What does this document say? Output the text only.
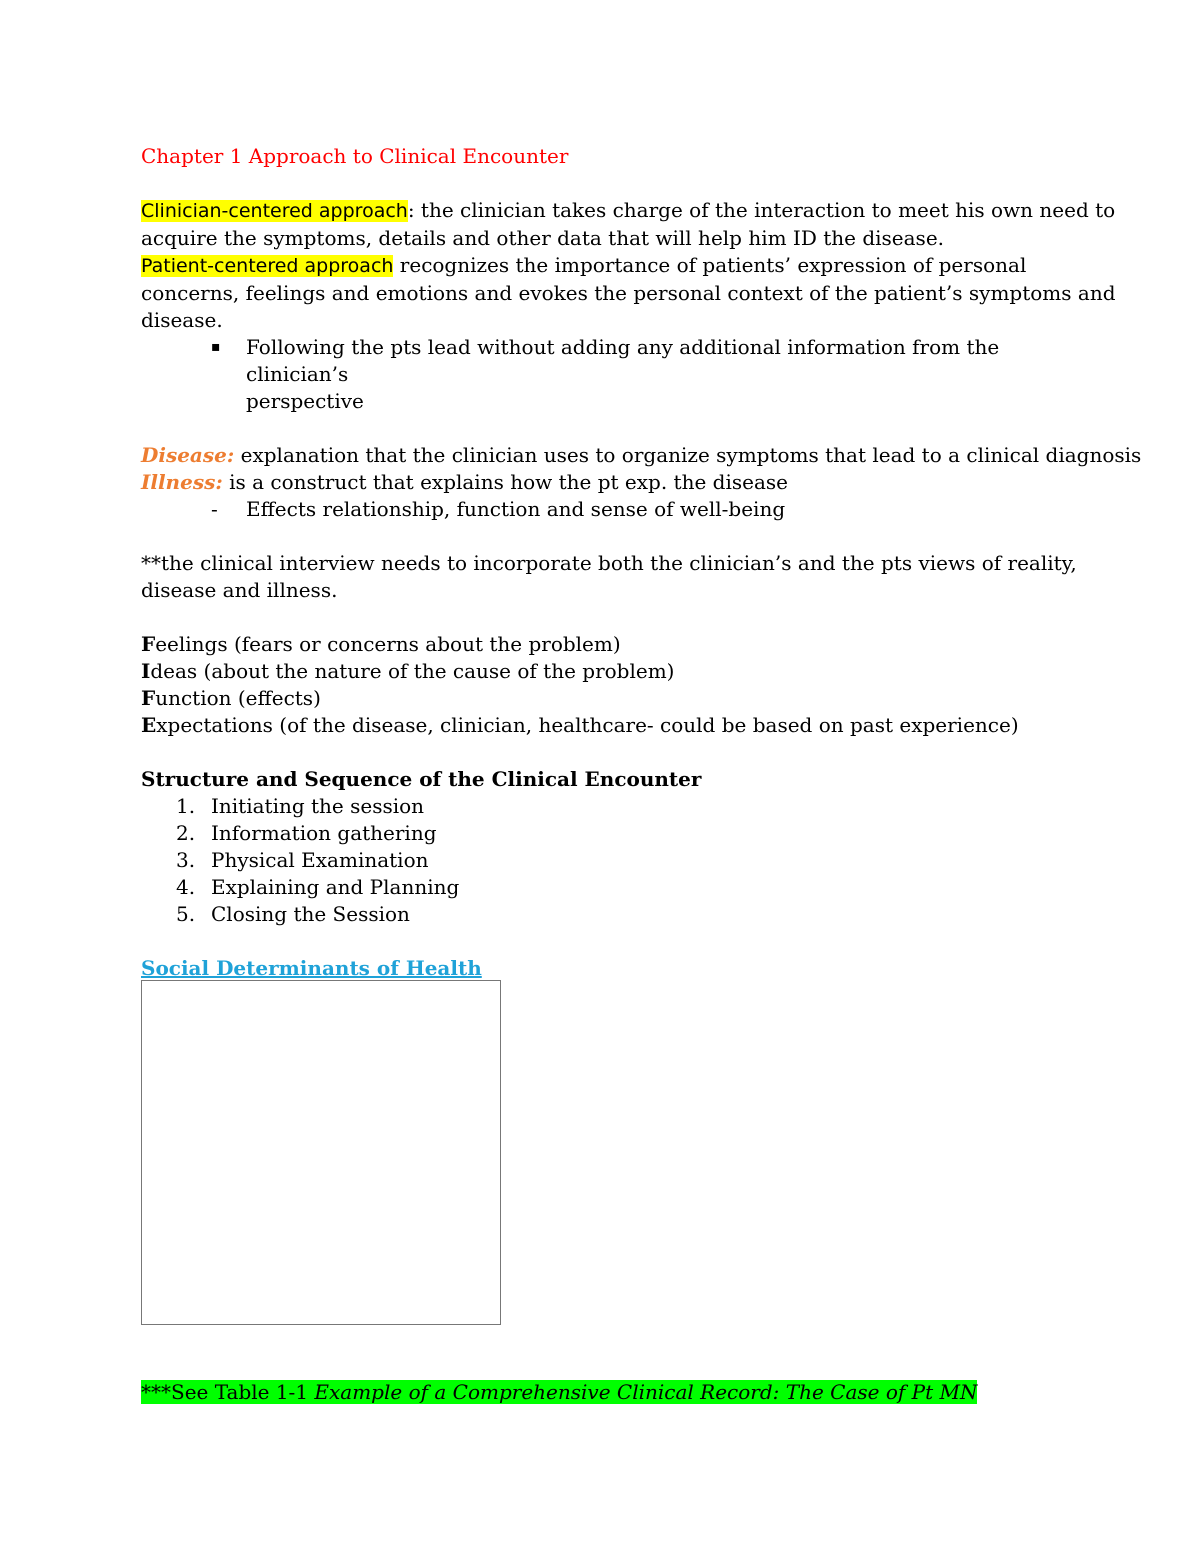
Chapter 1 Approach to Clinical Encounter
Clinician-centered approach: the clinician takes charge of the interaction to meet his own need to
acquire the symptoms, details and other data that will help him ID the disease.
Patient-centered approach recognizes the importance of patients’ expression of personal
concerns, feelings and emotions and evokes the personal context of the patient’s symptoms and
disease.
▪	Following the pts lead without adding any additional information from the clinician’s
perspective
Disease: explanation that the clinician uses to organize symptoms that lead to a clinical diagnosis
Illness: is a construct that explains how the pt exp. the disease
-	Effects relationship, function and sense of well-being
**the clinical interview needs to incorporate both the clinician’s and the pts views of reality,
disease and illness.
Feelings (fears or concerns about the problem)
Ideas (about the nature of the cause of the problem)
Function (effects)
Expectations (of the disease, clinician, healthcare- could be based on past experience)
Structure and Sequence of the Clinical Encounter
1. Initiating the session
2. Information gathering
3. Physical Examination
4. Explaining and Planning
5. Closing the Session
Social Determinants of Health
***See Table 1-1 Example of a Comprehensive Clinical Record: The Case of Pt MN
